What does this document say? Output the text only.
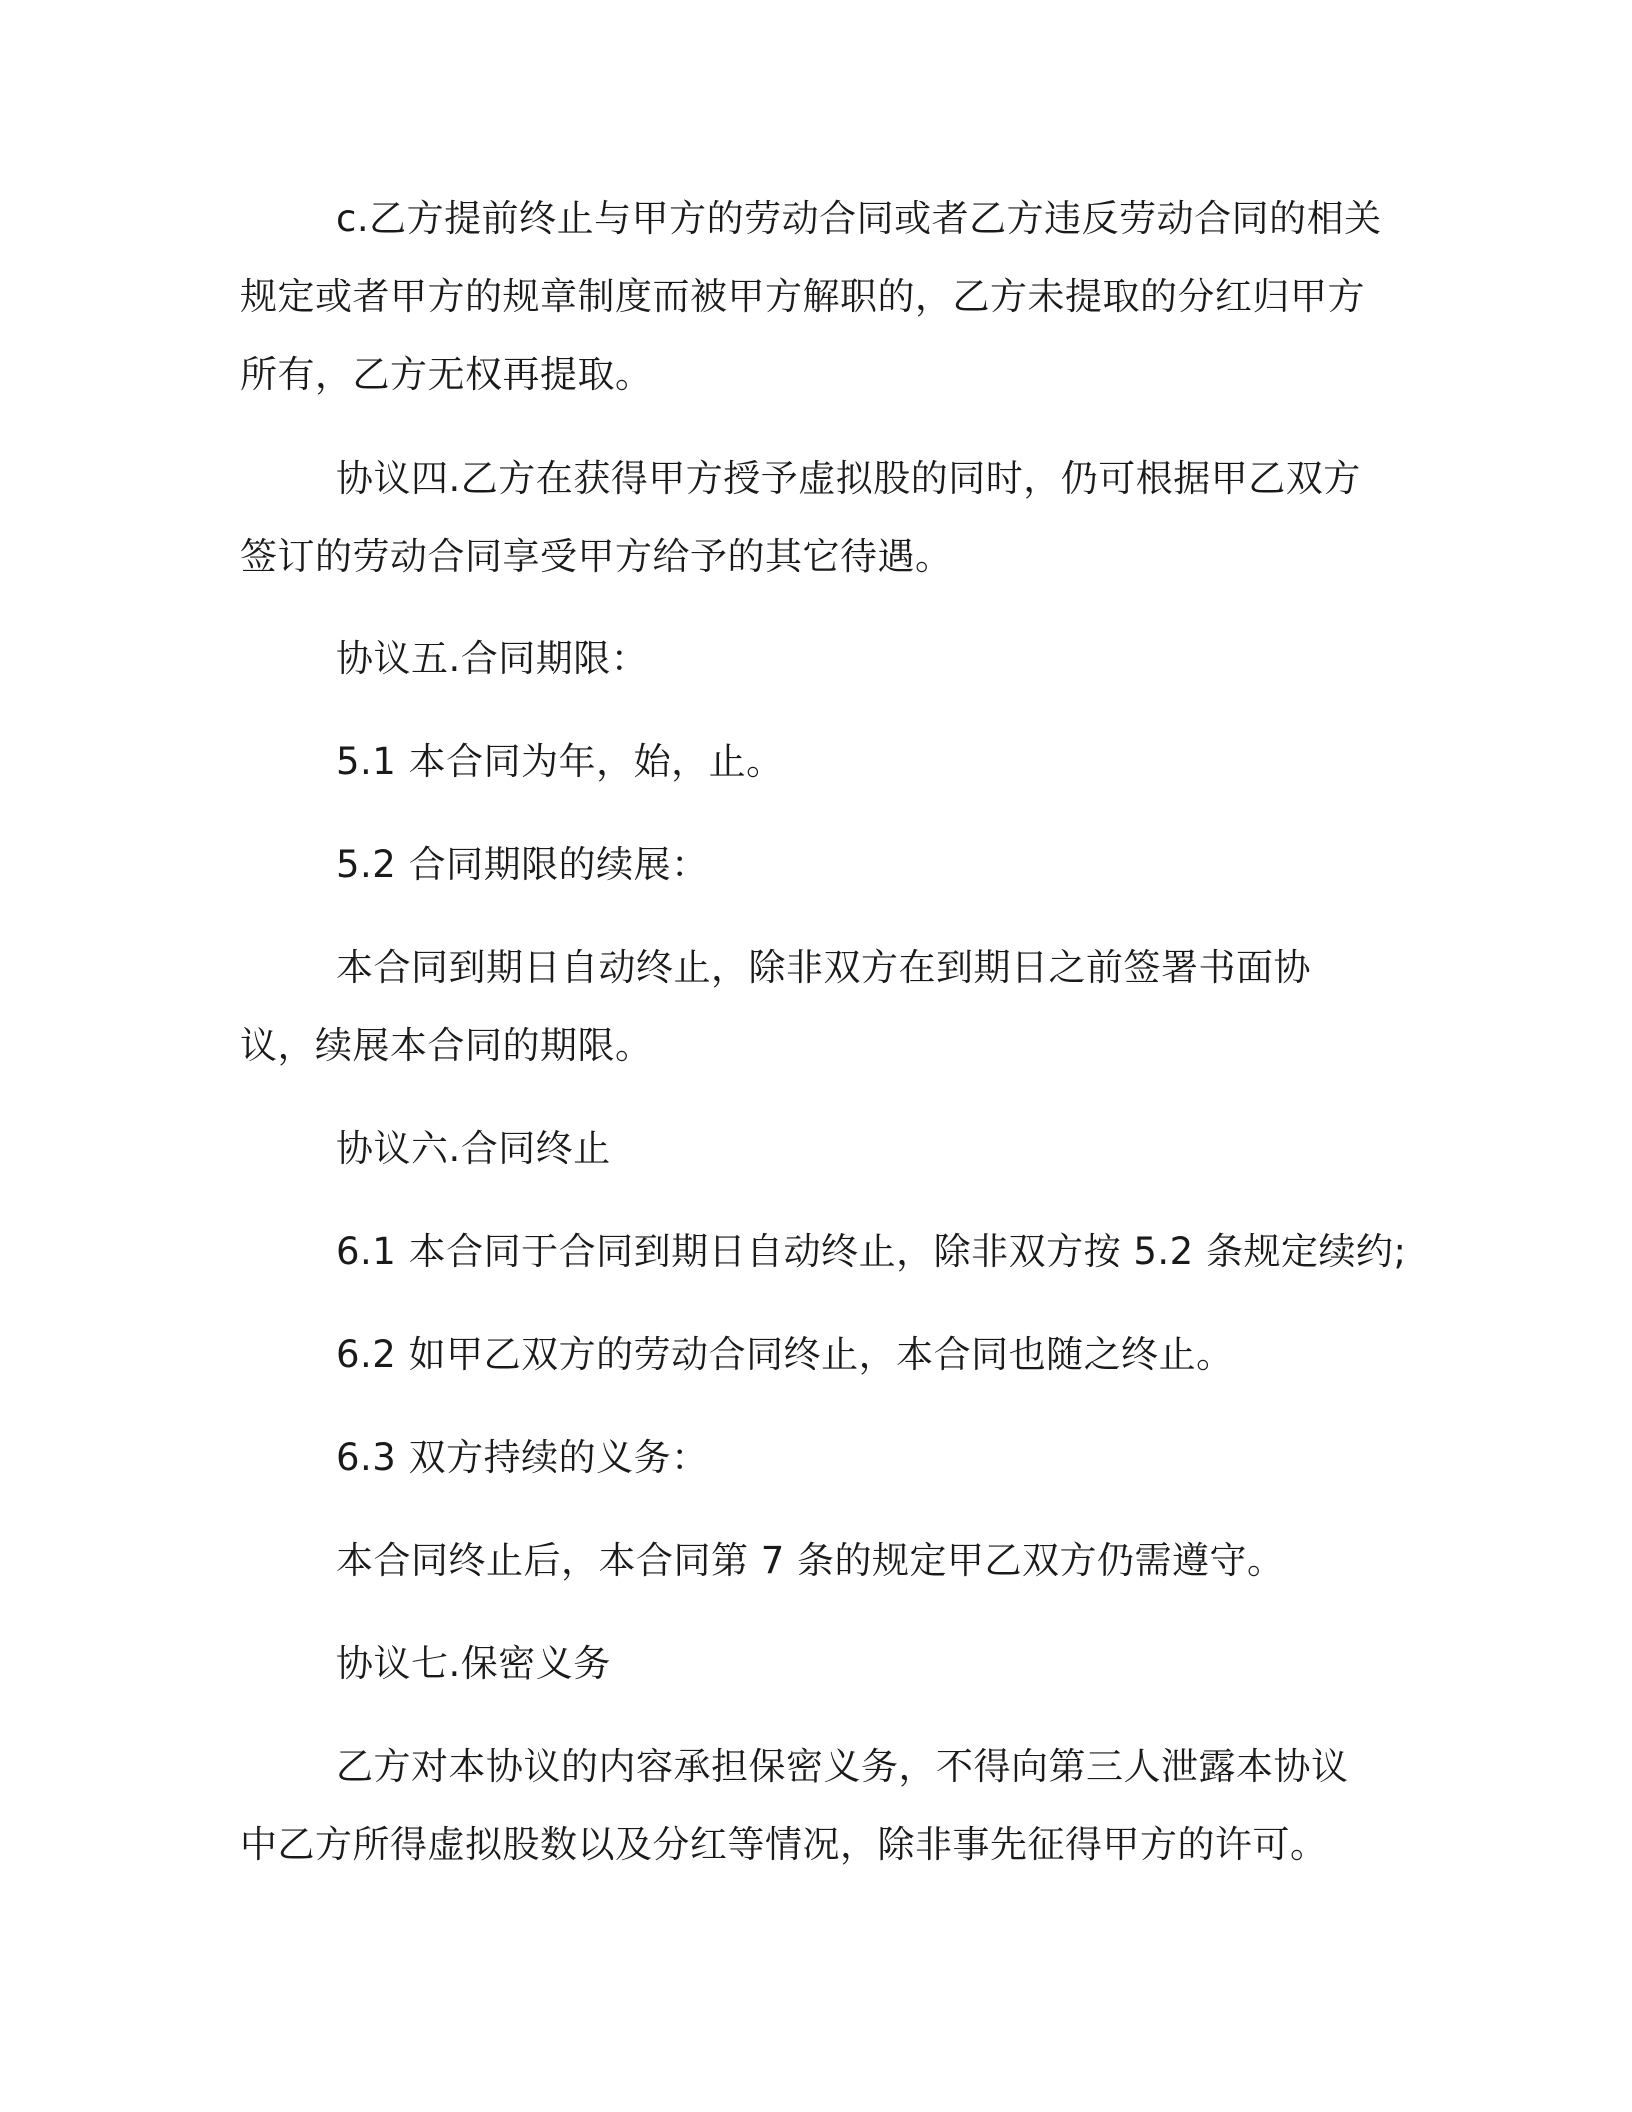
c.乙方提前终止与甲方的劳动合同或者乙方违反劳动合同的相关规定或者甲方的规章制度而被甲方解职的，乙方未提取的分红归甲方所有，乙方无权再提取。

协议四.乙方在获得甲方授予虚拟股的同时，仍可根据甲乙双方签订的劳动合同享受甲方给予的其它待遇。

协议五.合同期限：

5.1 本合同为年，始，止。

5.2 合同期限的续展：

本合同到期日自动终止，除非双方在到期日之前签署书面协议，续展本合同的期限。

协议六.合同终止

6.1 本合同于合同到期日自动终止，除非双方按 5.2 条规定续约;

6.2 如甲乙双方的劳动合同终止，本合同也随之终止。

6.3 双方持续的义务：

本合同终止后，本合同第 7 条的规定甲乙双方仍需遵守。

协议七.保密义务

乙方对本协议的内容承担保密义务，不得向第三人泄露本协议中乙方所得虚拟股数以及分红等情况，除非事先征得甲方的许可。
